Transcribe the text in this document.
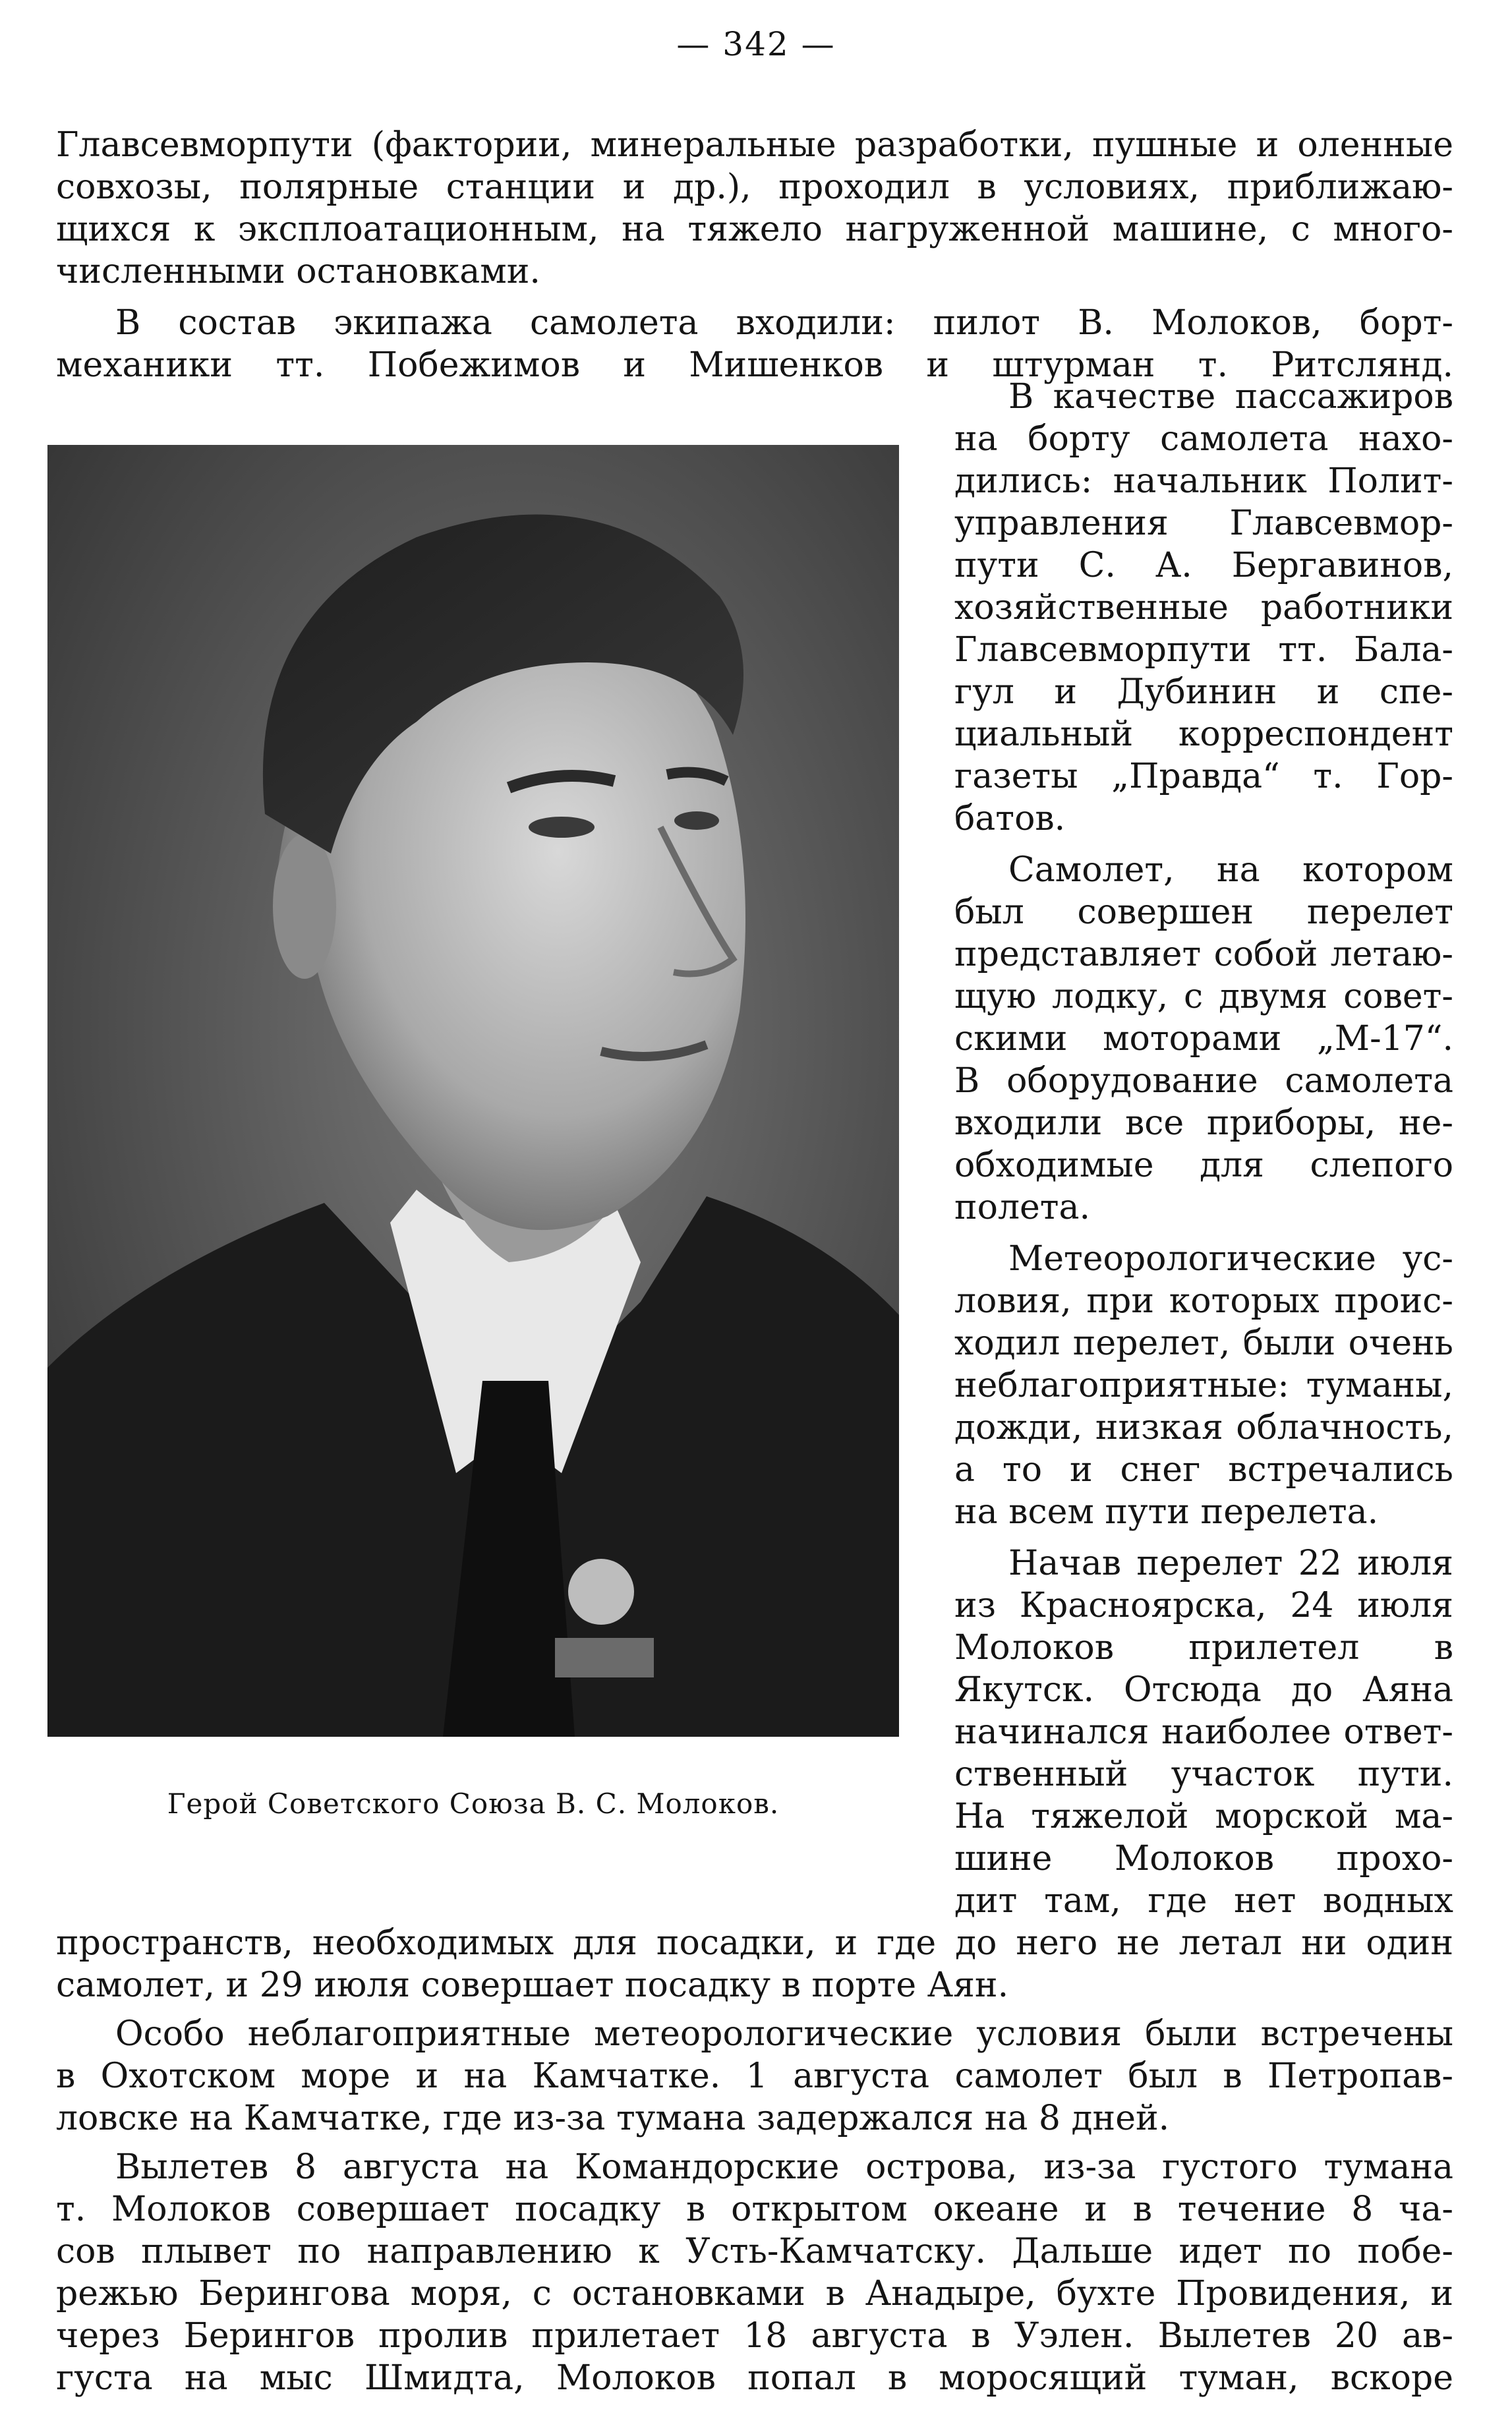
— 342 —
Главсевморпути (фактории, минеральные разработки, пушные и оленные
совхозы, полярные станции и др.), проходил в условиях, приближаю-
щихся к эксплоатационным, на тяжело нагруженной машине, с много-
численными остановками.
В состав экипажа самолета входили: пилот В. Молоков, борт-
механики тт. Побежимов и Мишенков и штурман т. Ритслянд.
Герой Советского Союза В. С. Молоков.
В качестве пассажиров
на борту самолета нахо-
дились: начальник Полит-
управления Главсевмор-
пути С. А. Бергавинов,
хозяйственные работники
Главсевморпути тт. Бала-
гул и Дубинин и спе-
циальный корреспондент
газеты „Правда“ т. Гор-
батов.
Самолет, на котором
был совершен перелет
представляет собой летаю-
щую лодку, с двумя совет-
скими моторами „М-17“.
В оборудование самолета
входили все приборы, не-
обходимые для слепого
полета.
Метеорологические ус-
ловия, при которых проис-
ходил перелет, были очень
неблагоприятные: туманы,
дожди, низкая облачность,
а то и снег встречались
на всем пути перелета.
Начав перелет 22 июля
из Красноярска, 24 июля
Молоков прилетел в
Якутск. Отсюда до Аяна
начинался наиболее ответ-
ственный участок пути.
На тяжелой морской ма-
шине Молоков прохо-
дит там, где нет водных
пространств, необходимых для посадки, и где до него не летал ни один
самолет, и 29 июля совершает посадку в порте Аян.
Особо неблагоприятные метеорологические условия были встречены
в Охотском море и на Камчатке. 1 августа самолет был в Петропав-
ловске на Камчатке, где из-за тумана задержался на 8 дней.
Вылетев 8 августа на Командорские острова, из-за густого тумана
т. Молоков совершает посадку в открытом океане и в течение 8 ча-
сов плывет по направлению к Усть-Камчатску. Дальше идет по побе-
режью Берингова моря, с остановками в Анадыре, бухте Провидения, и
через Берингов пролив прилетает 18 августа в Уэлен. Вылетев 20 ав-
густа на мыс Шмидта, Молоков попал в моросящий туман, вскоре
